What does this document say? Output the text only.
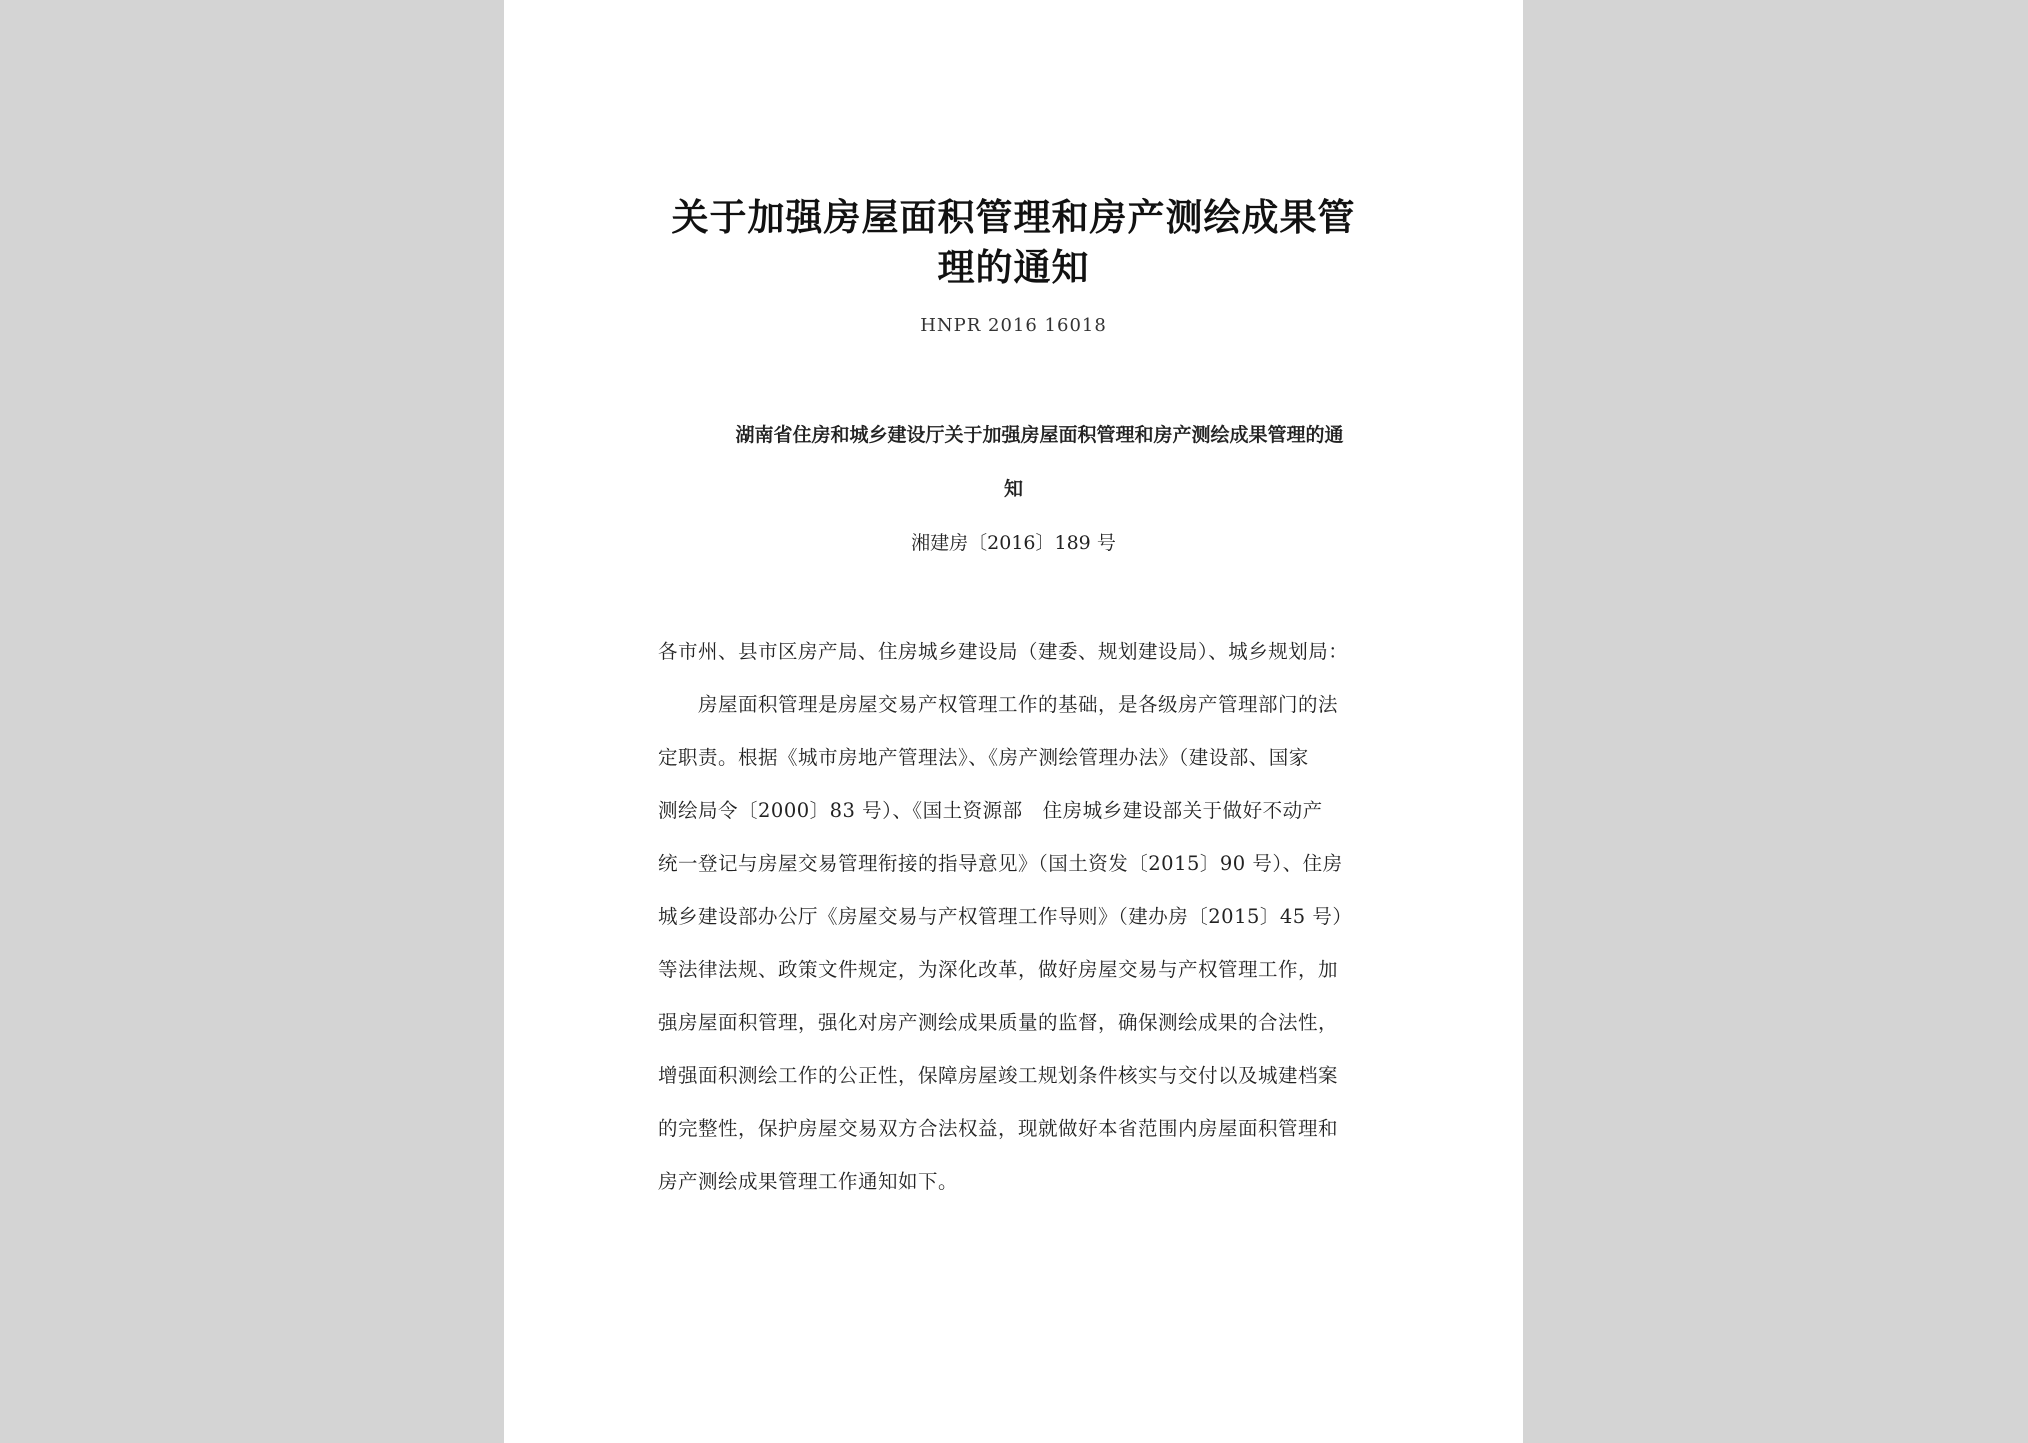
关于加强房屋面积管理和房产测绘成果管
理的通知
HNPR 2016 16018
湖南省住房和城乡建设厅关于加强房屋面积管理和房产测绘成果管理的通
知
湘建房〔2016〕189 号
各市州、县市区房产局、住房城乡建设局（建委、规划建设局）、城乡规划局：
　　房屋面积管理是房屋交易产权管理工作的基础，是各级房产管理部门的法
定职责。根据《城市房地产管理法》、《房产测绘管理办法》（建设部、国家
测绘局令〔2000〕83 号）、《国土资源部　住房城乡建设部关于做好不动产
统一登记与房屋交易管理衔接的指导意见》（国土资发〔2015〕90 号）、住房
城乡建设部办公厅《房屋交易与产权管理工作导则》（建办房〔2015〕45 号）
等法律法规、政策文件规定，为深化改革，做好房屋交易与产权管理工作，加
强房屋面积管理，强化对房产测绘成果质量的监督，确保测绘成果的合法性，
增强面积测绘工作的公正性，保障房屋竣工规划条件核实与交付以及城建档案
的完整性，保护房屋交易双方合法权益，现就做好本省范围内房屋面积管理和
房产测绘成果管理工作通知如下。
